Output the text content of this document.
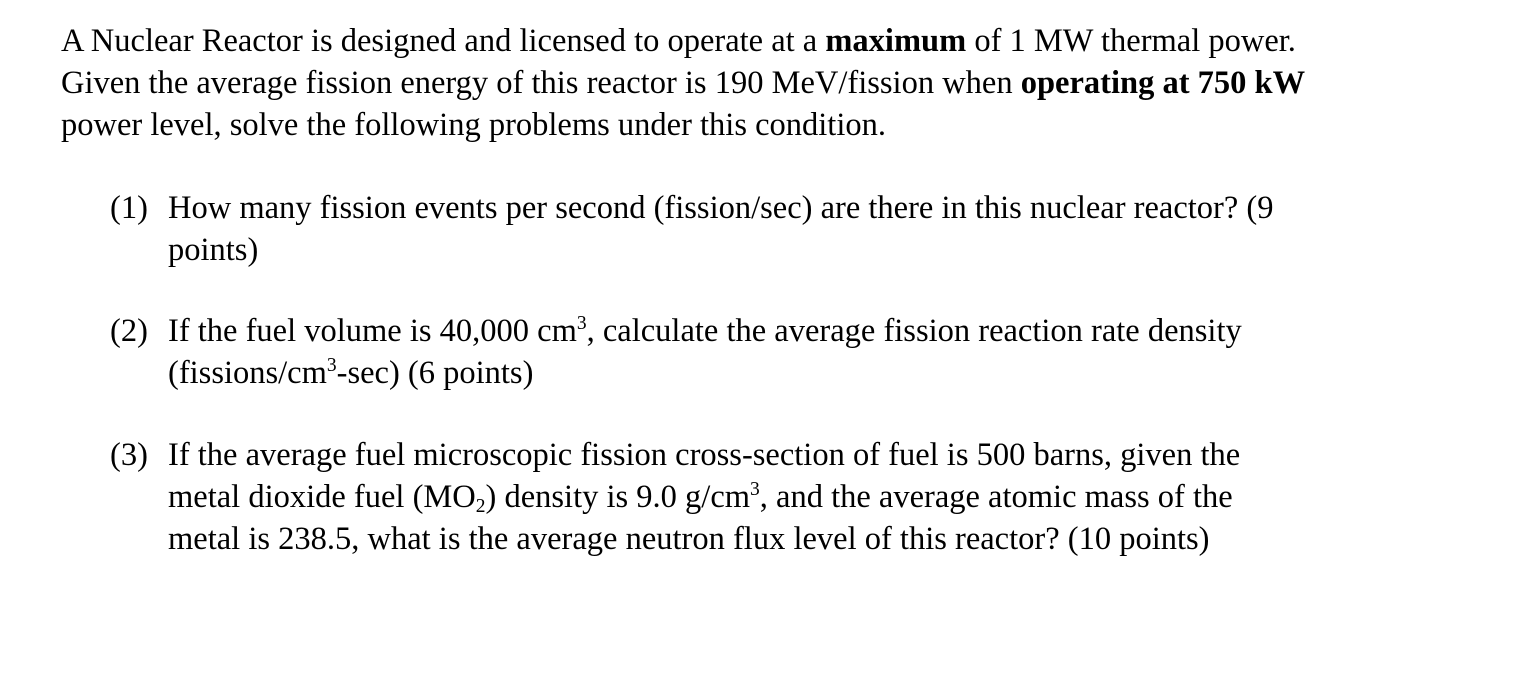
A Nuclear Reactor is designed and licensed to operate at a maximum of 1 MW thermal power.
Given the average fission energy of this reactor is 190 MeV/fission when operating at 750 kW
power level, solve the following problems under this condition.
(1) How many fission events per second (fission/sec) are there in this nuclear reactor? (9
points)
(2) If the fuel volume is 40,000 $cm^3$, calculate the average fission reaction rate density
$(fissions/cm^3-\sec)$ (6 points)
(3) If the average fuel microscopic fission cross-section of fuel is 500 barns, given the
metal dioxide fuel $(MO_2)$ density is 9.0 $g/cm^3$, and the average atomic mass of the
metal is 238.5, what is the average neutron flux level of this reactor? (10 points)
